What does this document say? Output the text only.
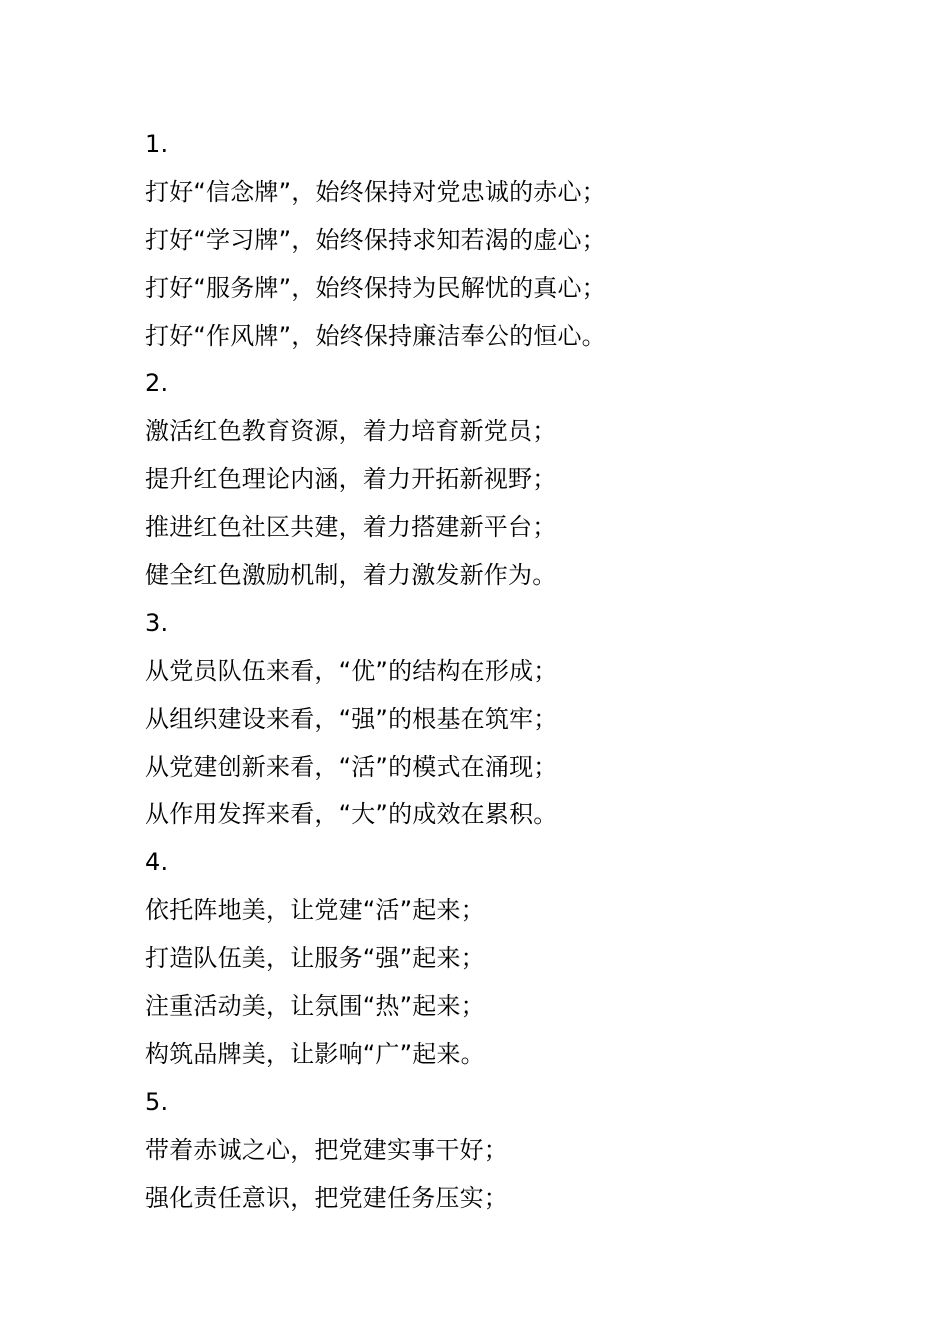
1.
打好“信念牌”，始终保持对党忠诚的赤心；
打好“学习牌”，始终保持求知若渴的虚心；
打好“服务牌”，始终保持为民解忧的真心；
打好“作风牌”，始终保持廉洁奉公的恒心。
2.
激活红色教育资源，着力培育新党员；
提升红色理论内涵，着力开拓新视野；
推进红色社区共建，着力搭建新平台；
健全红色激励机制，着力激发新作为。
3.
从党员队伍来看，“优”的结构在形成；
从组织建设来看，“强”的根基在筑牢；
从党建创新来看，“活”的模式在涌现；
从作用发挥来看，“大”的成效在累积。
4.
依托阵地美，让党建“活”起来；
打造队伍美，让服务“强”起来；
注重活动美，让氛围“热”起来；
构筑品牌美，让影响“广”起来。
5.
带着赤诚之心，把党建实事干好；
强化责任意识，把党建任务压实；
